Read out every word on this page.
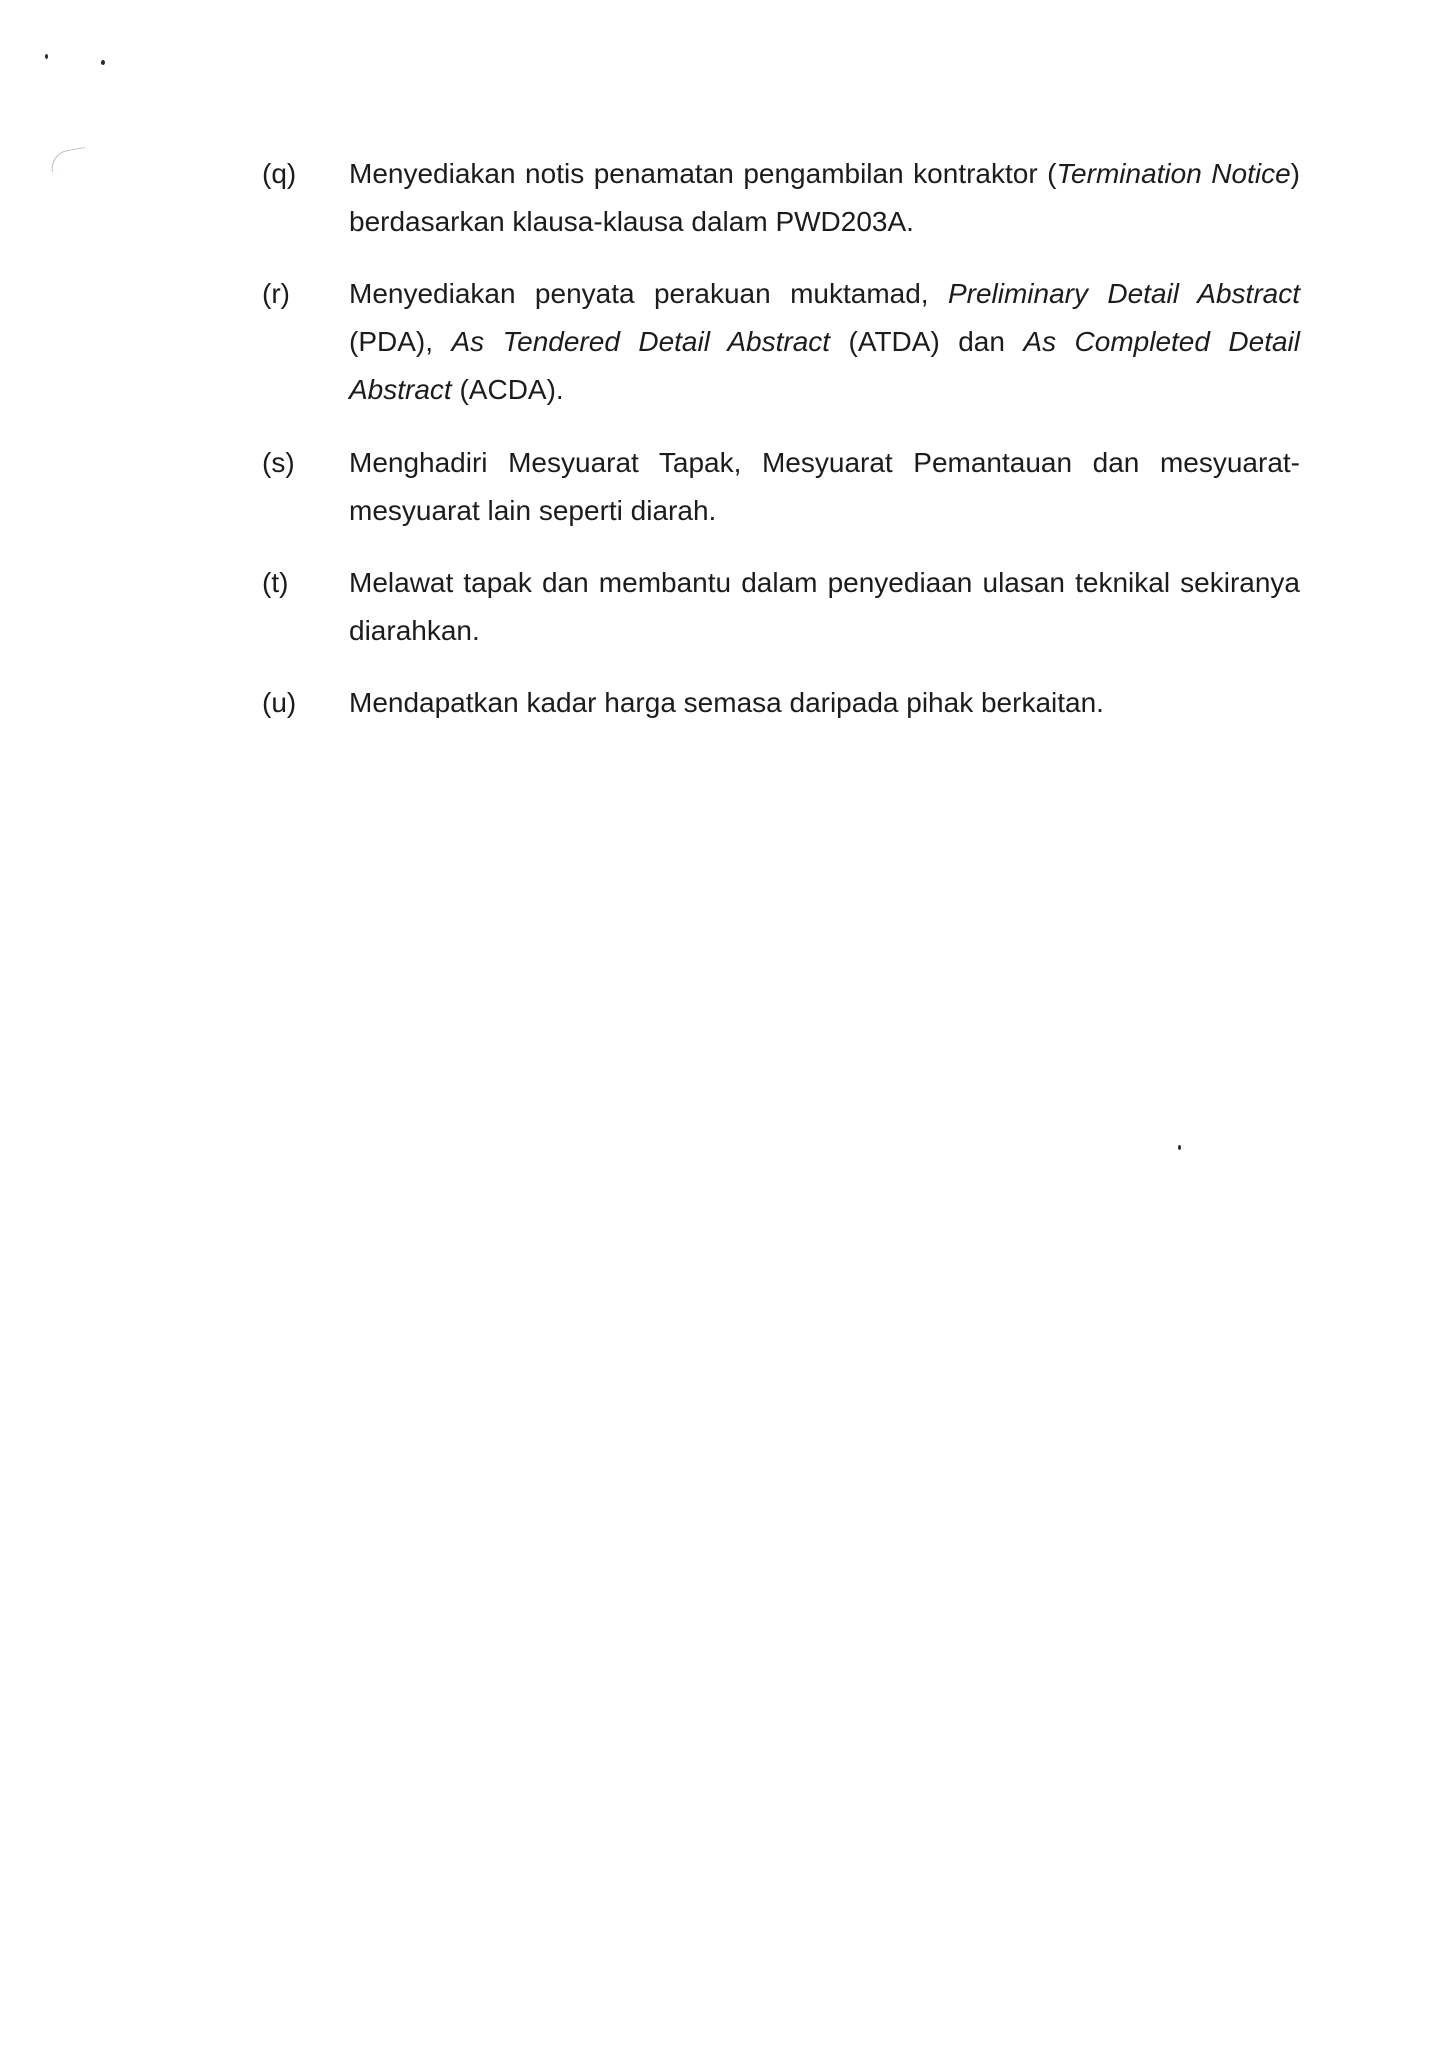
(q)	Menyediakan notis penamatan pengambilan kontraktor (Termination Notice) berdasarkan klausa-klausa dalam PWD203A.
(r)	Menyediakan penyata perakuan muktamad, Preliminary Detail Abstract (PDA), As Tendered Detail Abstract (ATDA) dan As Completed Detail Abstract (ACDA).
(s)	Menghadiri Mesyuarat Tapak, Mesyuarat Pemantauan dan mesyuarat-mesyuarat lain seperti diarah.
(t)	Melawat tapak dan membantu dalam penyediaan ulasan teknikal sekiranya diarahkan.
(u)	Mendapatkan kadar harga semasa daripada pihak berkaitan.
